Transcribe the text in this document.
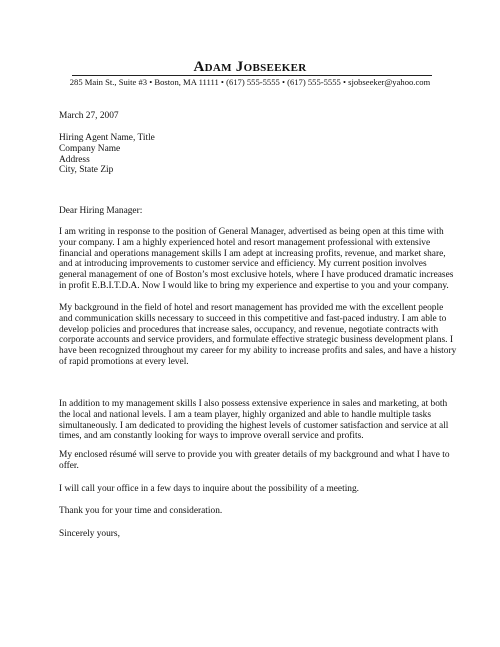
Adam Jobseeker
285 Main St., Suite #3 • Boston, MA 11111 • (617) 555-5555 • (617) 555-5555 • sjobseeker@yahoo.com
March 27, 2007
Hiring Agent Name, Title
Company Name
Address
City, State Zip
Dear Hiring Manager:
I am writing in response to the position of General Manager, advertised as being open at this time with
your company. I am a highly experienced hotel and resort management professional with extensive
financial and operations management skills I am adept at increasing profits, revenue, and market share,
and at introducing improvements to customer service and efficiency. My current position involves
general management of one of Boston’s most exclusive hotels, where I have produced dramatic increases
in profit E.B.I.T.D.A. Now I would like to bring my experience and expertise to you and your company.
My background in the field of hotel and resort management has provided me with the excellent people
and communication skills necessary to succeed in this competitive and fast-paced industry. I am able to
develop policies and procedures that increase sales, occupancy, and revenue, negotiate contracts with
corporate accounts and service providers, and formulate effective strategic business development plans. I
have been recognized throughout my career for my ability to increase profits and sales, and have a history
of rapid promotions at every level.
In addition to my management skills I also possess extensive experience in sales and marketing, at both
the local and national levels. I am a team player, highly organized and able to handle multiple tasks
simultaneously. I am dedicated to providing the highest levels of customer satisfaction and service at all
times, and am constantly looking for ways to improve overall service and profits.
My enclosed résumé will serve to provide you with greater details of my background and what I have to
offer.
I will call your office in a few days to inquire about the possibility of a meeting.
Thank you for your time and consideration.
Sincerely yours,
